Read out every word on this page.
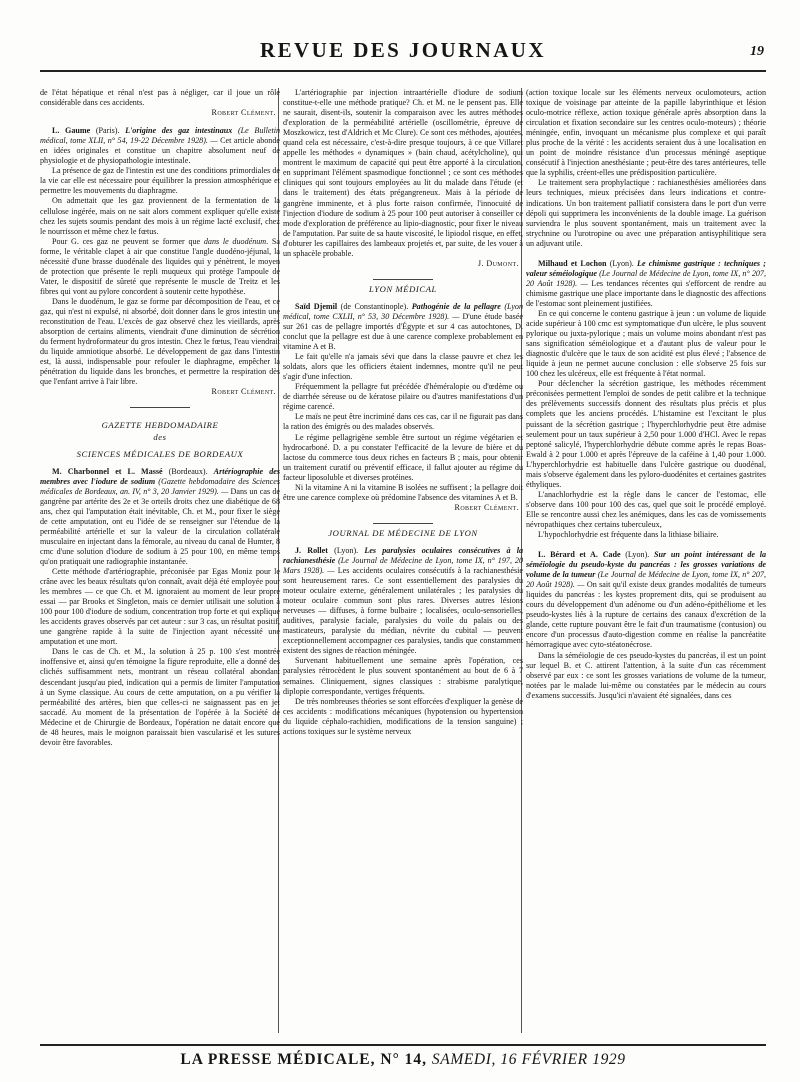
REVUE DES JOURNAUX	19

de l'état hépatique et rénal n'est pas à négliger, car il joue un rôle considérable dans ces accidents.

Robert Clément.

L. Gaume (Paris). L'origine des gaz intestinaux (Le Bulletin médical, tome XLII, n° 54, 19-22 Décembre 1928). — Cet article abonde en idées originales et constitue un chapitre absolument neuf de physiologie et de physiopathologie intestinale.

La présence de gaz de l'intestin est une des conditions primordiales de la vie car elle est nécessaire pour équilibrer la pression atmosphérique et permettre les mouvements du diaphragme.

On admettait que les gaz proviennent de la fermentation de la cellulose ingérée, mais on ne sait alors comment expliquer qu'elle existe chez les sujets soumis pendant des mois à un régime lacté exclusif, chez le nourrisson et même chez le fœtus.

Pour G. ces gaz ne peuvent se former que dans le duodénum. Sa forme, le véritable clapet à air que constitue l'angle duodéno-jéjunal, la nécessité d'une brasse duodénale des liquides qui y pénètrent, le moyen de protection que présente le repli muqueux qui protège l'ampoule de Vater, le dispositif de sûreté que représente le muscle de Treitz et les fibres qui vont au pylore concordent à soutenir cette hypothèse.

Dans le duodénum, le gaz se forme par décomposition de l'eau, et ce gaz, qui n'est ni expulsé, ni absorbé, doit donner dans le gros intestin une reconstitution de l'eau. L'excès de gaz observé chez les vieillards, après absorption de certains aliments, viendrait d'une diminution de sécrétion du ferment hydroformateur du gros intestin. Chez le fœtus, l'eau viendrait du liquide amniotique absorbé. Le développement de gaz dans l'intestin est, là aussi, indispensable pour refouler le diaphragme, empêcher la pénétration du liquide dans les bronches, et permettre la respiration dès que l'enfant arrive à l'air libre.

Robert Clément.

GAZETTE HEBDOMADAIRE

des

SCIENCES MÉDICALES DE BORDEAUX

M. Charbonnel et L. Massé (Bordeaux). Artériographie des membres avec l'iodure de sodium (Gazette hebdomadaire des Sciences médicales de Bordeaux, an. IV, n° 3, 20 Janvier 1929). — Dans un cas de gangrène par artérite des 2e et 3e orteils droits chez une diabétique de 68 ans, chez qui l'amputation était inévitable, Ch. et M., pour fixer le siège de cette amputation, ont eu l'idée de se renseigner sur l'étendue de la perméabilité artérielle et sur la valeur de la circulation collatérale musculaire en injectant dans la fémorale, au niveau du canal de Humter, 8 cmc d'une solution d'iodure de sodium à 25 pour 100, en même temps qu'on pratiquait une radiographie instantanée.

Cette méthode d'artériographie, préconisée par Egas Moniz pour le crâne avec les beaux résultats qu'on connaît, avait déjà été employée pour les membres — ce que Ch. et M. ignoraient au moment de leur propre essai — par Brooks et Singleton, mais ce dernier utilisait une solution à 100 pour 100 d'iodure de sodium, concentration trop forte et qui explique les accidents graves observés par cet auteur : sur 3 cas, un résultat positif, une gangrène rapide à la suite de l'injection ayant nécessité une amputation et une mort.

Dans le cas de Ch. et M., la solution à 25 p. 100 s'est montrée inoffensive et, ainsi qu'en témoigne la figure reproduite, elle a donné des clichés suffisamment nets, montrant un réseau collatéral abondant descendant jusqu'au pied, indication qui a permis de limiter l'amputation à un Syme classique. Au cours de cette amputation, on a pu vérifier la perméabilité des artères, bien que celles-ci ne saignassent pas en jet saccadé. Au moment de la présentation de l'opérée à la Société de Médecine et de Chirurgie de Bordeaux, l'opération ne datait encore que de 48 heures, mais le moignon paraissait bien vascularisé et les sutures devoir être favorables.

L'artériographie par injection intraartérielle d'iodure de sodium constitue-t-elle une méthode pratique? Ch. et M. ne le pensent pas. Elle ne saurait, disent-ils, soutenir la comparaison avec les autres méthodes d'exploration de la perméabilité artérielle (oscillométrie, épreuve de Moszkowicz, test d'Aldrich et Mc Clure). Ce sont ces méthodes, ajoutées, quand cela est nécessaire, c'est-à-dire presque toujours, à ce que Villaret appelle les méthodes « dynamiques » (bain chaud, acétylcholine), qui montrent le maximum de capacité qui peut être apporté à la circulation, en supprimant l'élément spasmodique fonctionnel ; ce sont ces méthodes cliniques qui sont toujours employées au lit du malade dans l'étude (et dans le traitement) des états prégangreneux. Mais à la période de gangrène imminente, et à plus forte raison confirmée, l'innocuité de l'injection d'iodure de sodium à 25 pour 100 peut autoriser à conseiller ce mode d'exploration de préférence au lipio-diagnostic, pour fixer le niveau de l'amputation. Par suite de sa haute viscosité, le lipiodol risque, en effet, d'obturer les capillaires des lambeaux projetés et, par suite, de les vouer à un sphacèle probable.

J. Dumont.

LYON MÉDICAL

Saïd Djemil (de Constantinople). Pathogénie de la pellagre (Lyon médical, tome CXLII, n° 53, 30 Décembre 1928). — D'une étude basée sur 261 cas de pellagre importés d'Égypte et sur 4 cas autochtones, D. conclut que la pellagre est due à une carence complexe probablement en vitamine A et B.

Le fait qu'elle n'a jamais sévi que dans la classe pauvre et chez les soldats, alors que les officiers étaient indemnes, montre qu'il ne peut s'agir d'une infection.

Fréquemment la pellagre fut précédée d'héméralopie ou d'œdème ou de diarrhée séreuse ou de kératose pilaire ou d'autres manifestations d'un régime carencé.

Le maïs ne peut être incriminé dans ces cas, car il ne figurait pas dans la ration des émigrés ou des malades observés.

Le régime pellagrigène semble être surtout un régime végétarien et hydrocarboné. D. a pu constater l'efficacité de la levure de bière et du lactose du commerce tous deux riches en facteurs B ; mais, pour obtenir un traitement curatif ou préventif efficace, il fallut ajouter au régime du facteur liposoluble et diverses protéines.

Ni la vitamine A ni la vitamine B isolées ne suffisent ; la pellagre doit être une carence complexe où prédomine l'absence des vitamines A et B.

Robert Clément.

JOURNAL DE MÉDECINE DE LYON

J. Rollet (Lyon). Les paralysies oculaires consécutives à la rachianesthésie (Le Journal de Médecine de Lyon, tome IX, n° 197, 20 Mars 1928). — Les accidents oculaires consécutifs à la rachianesthésie sont heureusement rares. Ce sont essentiellement des paralysies du moteur oculaire externe, généralement unilatérales ; les paralysies du moteur oculaire commun sont plus rares. Diverses autres lésions nerveuses — diffuses, à forme bulbaire ; localisées, oculo-sensorielles, auditives, paralysie faciale, paralysies du voile du palais ou des masticateurs, paralysie du médian, névrite du cubital — peuvent exceptionnellement accompagner ces paralysies, tandis que constamment existent des signes de réaction méningée.

Survenant habituellement une semaine après l'opération, ces paralysies rétrocèdent le plus souvent spontanément au bout de 6 à 7 semaines. Cliniquement, signes classiques : strabisme paralytique, diplopie correspondante, vertiges fréquents.

De très nombreuses théories se sont efforcées d'expliquer la genèse de ces accidents : modifications mécaniques (hypotension ou hypertension du liquide céphalo-rachidien, modifications de la tension sanguine) ; actions toxiques sur le système nerveux

(action toxique locale sur les éléments nerveux oculomoteurs, action toxique de voisinage par atteinte de la papille labyrinthique et lésion oculo-motrice réflexe, action toxique générale après absorption dans la circulation et fixation secondaire sur les centres oculo-moteurs) ; théorie méningée, enfin, invoquant un mécanisme plus complexe et qui paraît plus proche de la vérité : les accidents seraient dus à une localisation en un point de moindre résistance d'un processus méningé aseptique consécutif à l'injection anesthésiante ; peut-être des tares antérieures, telle que la syphilis, créent-elles une prédisposition particulière.

Le traitement sera prophylactique : rachianesthésies améliorées dans leurs techniques, mieux précisées dans leurs indications et contre-indications. Un bon traitement palliatif consistera dans le port d'un verre dépoli qui supprimera les inconvénients de la double image. La guérison surviendra le plus souvent spontanément, mais un traitement avec la strychnine ou l'urotropine ou avec une préparation antisyphilitique sera un adjuvant utile.

Milhaud et Lochon (Lyon). Le chimisme gastrique : techniques ; valeur séméiologique (Le Journal de Médecine de Lyon, tome IX, n° 207, 20 Août 1928). — Les tendances récentes qui s'efforcent de rendre au chimisme gastrique une place importante dans le diagnostic des affections de l'estomac sont pleinement justifiées.

En ce qui concerne le contenu gastrique à jeun : un volume de liquide acide supérieur à 100 cmc est symptomatique d'un ulcère, le plus souvent pylorique ou juxta-pylorique ; mais un volume moins abondant n'est pas sans signification séméiologique et a d'autant plus de valeur pour le diagnostic d'ulcère que le taux de son acidité est plus élevé ; l'absence de liquide à jeun ne permet aucune conclusion : elle s'observe 25 fois sur 100 chez les ulcéreux, elle est fréquente à l'état normal.

Pour déclencher la sécrétion gastrique, les méthodes récemment préconisées permettent l'emploi de sondes de petit calibre et la technique des prélèvements successifs donnent des résultats plus précis et plus complets que les anciens procédés. L'histamine est l'excitant le plus puissant de la sécrétion gastrique ; l'hyperchlorhydrie peut être admise seulement pour un taux supérieur à 2,50 pour 1.000 d'HCl. Avec le repas peptoné salicylé, l'hyperchlorhydrie débute comme après le repas Boas-Ewald à 2 pour 1.000 et après l'épreuve de la caféine à 1,40 pour 1.000. L'hyperchlorhydrie est habituelle dans l'ulcère gastrique ou duodénal, mais s'observe également dans les pyloro-duodénites et certaines gastrites éthyliques.

L'anachlorhydrie est la règle dans le cancer de l'estomac, elle s'observe dans 100 pour 100 des cas, quel que soit le procédé employé. Elle se rencontre aussi chez les anémiques, dans les cas de vomissements névropathiques chez certains tuberculeux,

L'hypochlorhydrie est fréquente dans la lithiase biliaire.

L. Bérard et A. Cade (Lyon). Sur un point intéressant de la séméiologie du pseudo-kyste du pancréas : les grosses variations de volume de la tumeur (Le Journal de Médecine de Lyon, tome IX, n° 207, 20 Août 1928). — On sait qu'il existe deux grandes modalités de tumeurs liquides du pancréas : les kystes proprement dits, qui se produisent au cours du développement d'un adénome ou d'un adéno-épithéliome et les pseudo-kystes liés à la rupture de certains des canaux d'excrétion de la glande, cette rupture pouvant être le fait d'un traumatisme (contusion) ou encore d'un processus d'auto-digestion comme en réalise la pancréatite hémorragique avec cyto-stéatonécrose.

Dans la séméiologie de ces pseudo-kystes du pancréas, il est un point sur lequel B. et C. attirent l'attention, à la suite d'un cas récemment observé par eux : ce sont les grosses variations de volume de la tumeur, notées par le malade lui-même ou constatées par le médecin au cours d'examens successifs. Jusqu'ici n'avaient été signalées, dans ces

LA PRESSE MÉDICALE, N° 14, SAMEDI, 16 FÉVRIER 1929
